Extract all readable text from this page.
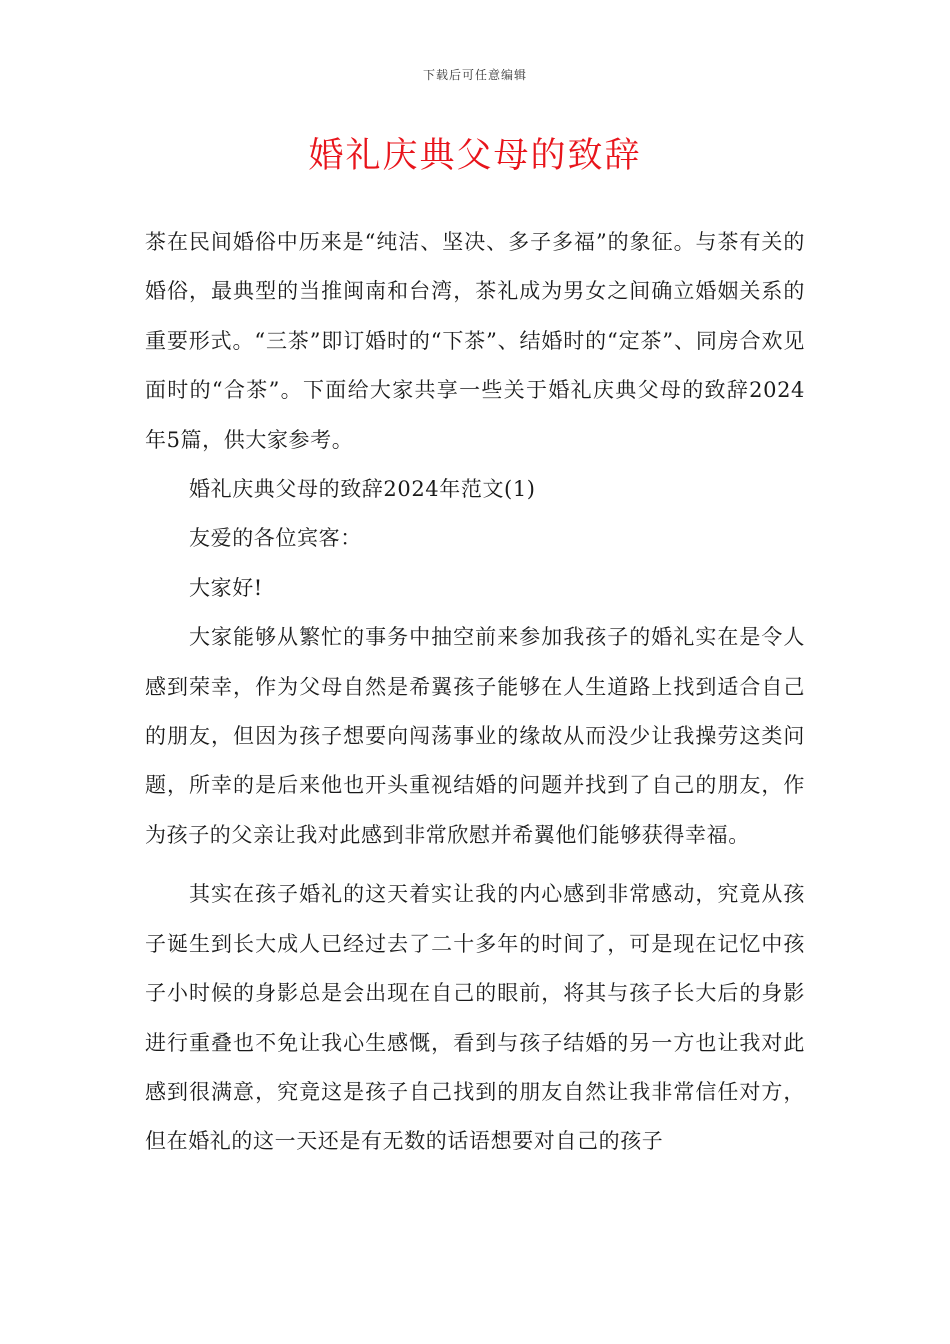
下载后可任意编辑
婚礼庆典父母的致辞

茶在民间婚俗中历来是“纯洁、坚决、多子多福”的象征。与茶有关的婚俗，最典型的当推闽南和台湾，茶礼成为男女之间确立婚姻关系的重要形式。“三茶”即订婚时的“下茶”、结婚时的“定茶”、同房合欢见面时的“合茶”。下面给大家共享一些关于婚礼庆典父母的致辞2024年5篇，供大家参考。

婚礼庆典父母的致辞2024年范文(1)

友爱的各位宾客：

大家好!

大家能够从繁忙的事务中抽空前来参加我孩子的婚礼实在是令人感到荣幸，作为父母自然是希翼孩子能够在人生道路上找到适合自己的朋友，但因为孩子想要向闯荡事业的缘故从而没少让我操劳这类问题，所幸的是后来他也开头重视结婚的问题并找到了自己的朋友，作为孩子的父亲让我对此感到非常欣慰并希翼他们能够获得幸福。

其实在孩子婚礼的这天着实让我的内心感到非常感动，究竟从孩子诞生到长大成人已经过去了二十多年的时间了，可是现在记忆中孩子小时候的身影总是会出现在自己的眼前，将其与孩子长大后的身影进行重叠也不免让我心生感慨，看到与孩子结婚的另一方也让我对此感到很满意，究竟这是孩子自己找到的朋友自然让我非常信任对方，但在婚礼的这一天还是有无数的话语想要对自己的孩子
